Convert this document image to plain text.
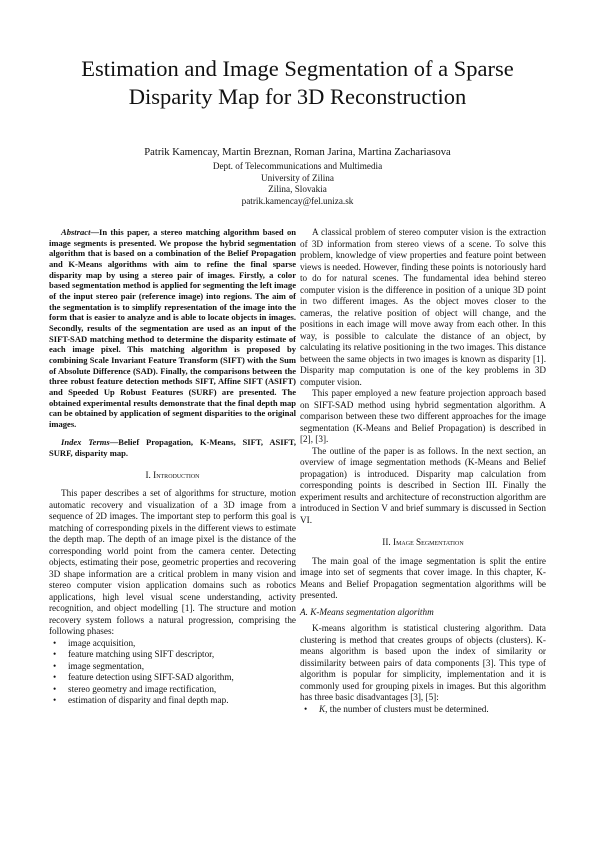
Estimation and Image Segmentation of a Sparse
Disparity Map for 3D Reconstruction
Patrik Kamencay, Martin Breznan, Roman Jarina, Martina Zachariasova
Dept. of Telecommunications and Multimedia
University of Zilina
Zilina, Slovakia
patrik.kamencay@fel.uniza.sk

Abstract—In this paper, a stereo matching algorithm based on image segments is presented. We propose the hybrid segmentation algorithm that is based on a combination of the Belief Propagation and K-Means algorithms with aim to refine the final sparse disparity map by using a stereo pair of images. Firstly, a color based segmentation method is applied for segmenting the left image of the input stereo pair (reference image) into regions. The aim of the segmentation is to simplify representation of the image into the form that is easier to analyze and is able to locate objects in images. Secondly, results of the segmentation are used as an input of the SIFT-SAD matching method to determine the disparity estimate of each image pixel. This matching algorithm is proposed by combining Scale Invariant Feature Transform (SIFT) with the Sum of Absolute Difference (SAD). Finally, the comparisons between the three robust feature detection methods SIFT, Affine SIFT (ASIFT) and Speeded Up Robust Features (SURF) are presented. The obtained experimental results demonstrate that the final depth map can be obtained by application of segment disparities to the original images.

Index Terms—Belief Propagation, K-Means, SIFT, ASIFT, SURF, disparity map.

I. Introduction

This paper describes a set of algorithms for structure, motion automatic recovery and visualization of a 3D image from a sequence of 2D images. The important step to perform this goal is matching of corresponding pixels in the different views to estimate the depth map. The depth of an image pixel is the distance of the corresponding world point from the camera center. Detecting objects, estimating their pose, geometric properties and recovering 3D shape information are a critical problem in many vision and stereo computer vision application domains such as robotics applications, high level visual scene understanding, activity recognition, and object modelling [1]. The structure and motion recovery system follows a natural progression, comprising the following phases:

• image acquisition,
• feature matching using SIFT descriptor,
• image segmentation,
• feature detection using SIFT-SAD algorithm,
• stereo geometry and image rectification,
• estimation of disparity and final depth map.

A classical problem of stereo computer vision is the extraction of 3D information from stereo views of a scene. To solve this problem, knowledge of view properties and feature point between views is needed. However, finding these points is notoriously hard to do for natural scenes. The fundamental idea behind stereo computer vision is the difference in position of a unique 3D point in two different images. As the object moves closer to the cameras, the relative position of object will change, and the positions in each image will move away from each other. In this way, is possible to calculate the distance of an object, by calculating its relative positioning in the two images. This distance between the same objects in two images is known as disparity [1]. Disparity map computation is one of the key problems in 3D computer vision.

This paper employed a new feature projection approach based on SIFT-SAD method using hybrid segmentation algorithm. A comparison between these two different approaches for the image segmentation (K-Means and Belief Propagation) is described in [2], [3].

The outline of the paper is as follows. In the next section, an overview of image segmentation methods (K-Means and Belief propagation) is introduced. Disparity map calculation from corresponding points is described in Section III. Finally the experiment results and architecture of reconstruction algorithm are introduced in Section V and brief summary is discussed in Section VI.

II. Image Segmentation

The main goal of the image segmentation is split the entire image into set of segments that cover image. In this chapter, K-Means and Belief Propagation segmentation algorithms will be presented.

A. K-Means segmentation algorithm

K-means algorithm is statistical clustering algorithm. Data clustering is method that creates groups of objects (clusters). K-means algorithm is based upon the index of similarity or dissimilarity between pairs of data components [3]. This type of algorithm is popular for simplicity, implementation and it is commonly used for grouping pixels in images. But this algorithm has three basic disadvantages [3], [5]:

• K, the number of clusters must be determined.
